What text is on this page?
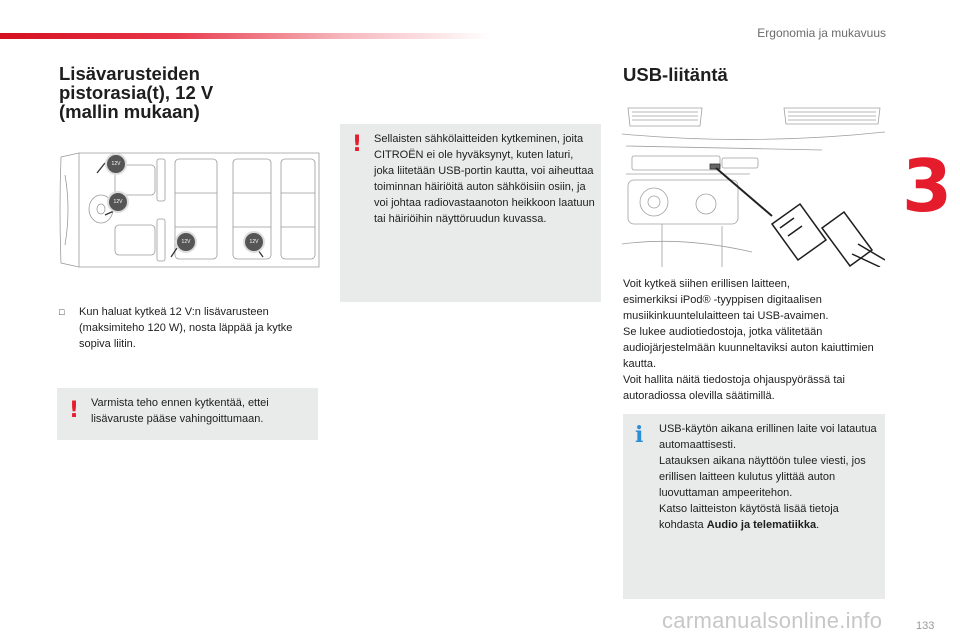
Ergonomia ja mukavuus
3
Lisävarusteiden
pistorasia(t), 12 V
(mallin mukaan)
12V
12V
12V	12V
□	Kun haluat kytkeä 12 V:n lisävarusteen (maksimiteho 120 W), nosta läppää ja kytke sopiva liitin.
! Varmista teho ennen kytkentää, ettei lisävaruste pääse vahingoittumaan.
! Sellaisten sähkölaitteiden kytkeminen, joita CITROËN ei ole hyväksynyt, kuten laturi, joka liitetään USB-portin kautta, voi aiheuttaa toiminnan häiriöitä auton sähköisiin osiin, ja voi johtaa radiovastaanoton heikkoon laatuun tai häiriöihin näyttöruudun kuvassa.
USB-liitäntä
Voit kytkeä siihen erillisen laitteen,
esimerkiksi iPod® -tyyppisen digitaalisen musiikinkuuntelulaitteen tai USB-avaimen.
Se lukee audiotiedostoja, jotka välitetään audiojärjestelmään kuunneltaviksi auton kaiuttimien kautta.
Voit hallita näitä tiedostoja ohjauspyörässä tai autoradiossa olevilla säätimillä.
i USB-käytön aikana erillinen laite voi latautua automaattisesti.
Latauksen aikana näyttöön tulee viesti, jos erillisen laitteen kulutus ylittää auton luovuttaman ampeeritehon.
Katso laitteiston käytöstä lisää tietoja kohdasta Audio ja telematiikka.
133
carmanualsonline.info
